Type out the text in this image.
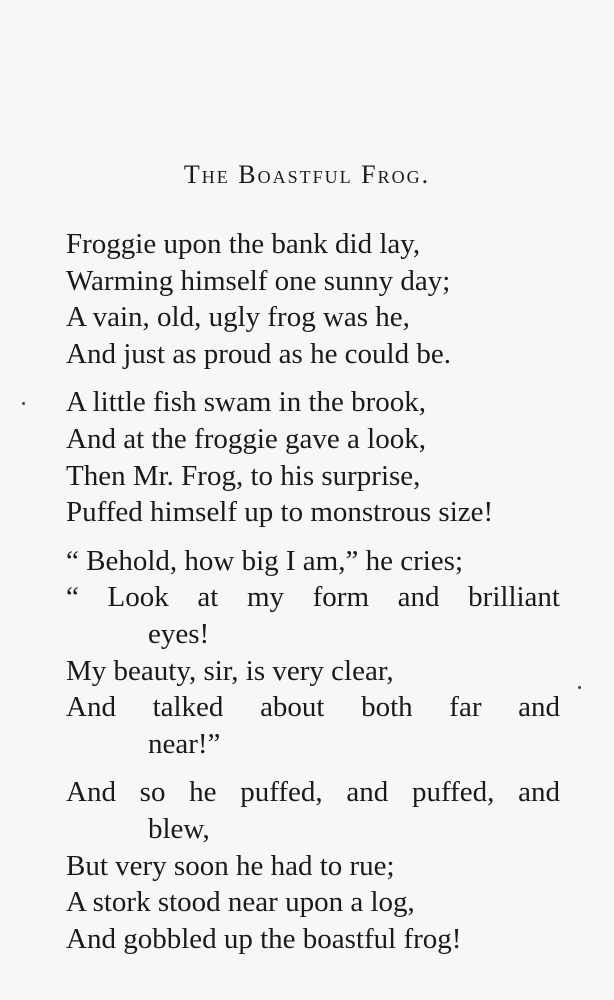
The Boastful Frog.
Froggie upon the bank did lay,
Warming himself one sunny day;
A vain, old, ugly frog was he,
And just as proud as he could be.
A little fish swam in the brook,
And at the froggie gave a look,
Then Mr. Frog, to his surprise,
Puffed himself up to monstrous size!
“ Behold, how big I am,” he cries;
“ Look at my form and brilliant
eyes!
My beauty, sir, is very clear,
And talked about both far and
near!”
And so he puffed, and puffed, and
blew,
But very soon he had to rue;
A stork stood near upon a log,
And gobbled up the boastful frog!
